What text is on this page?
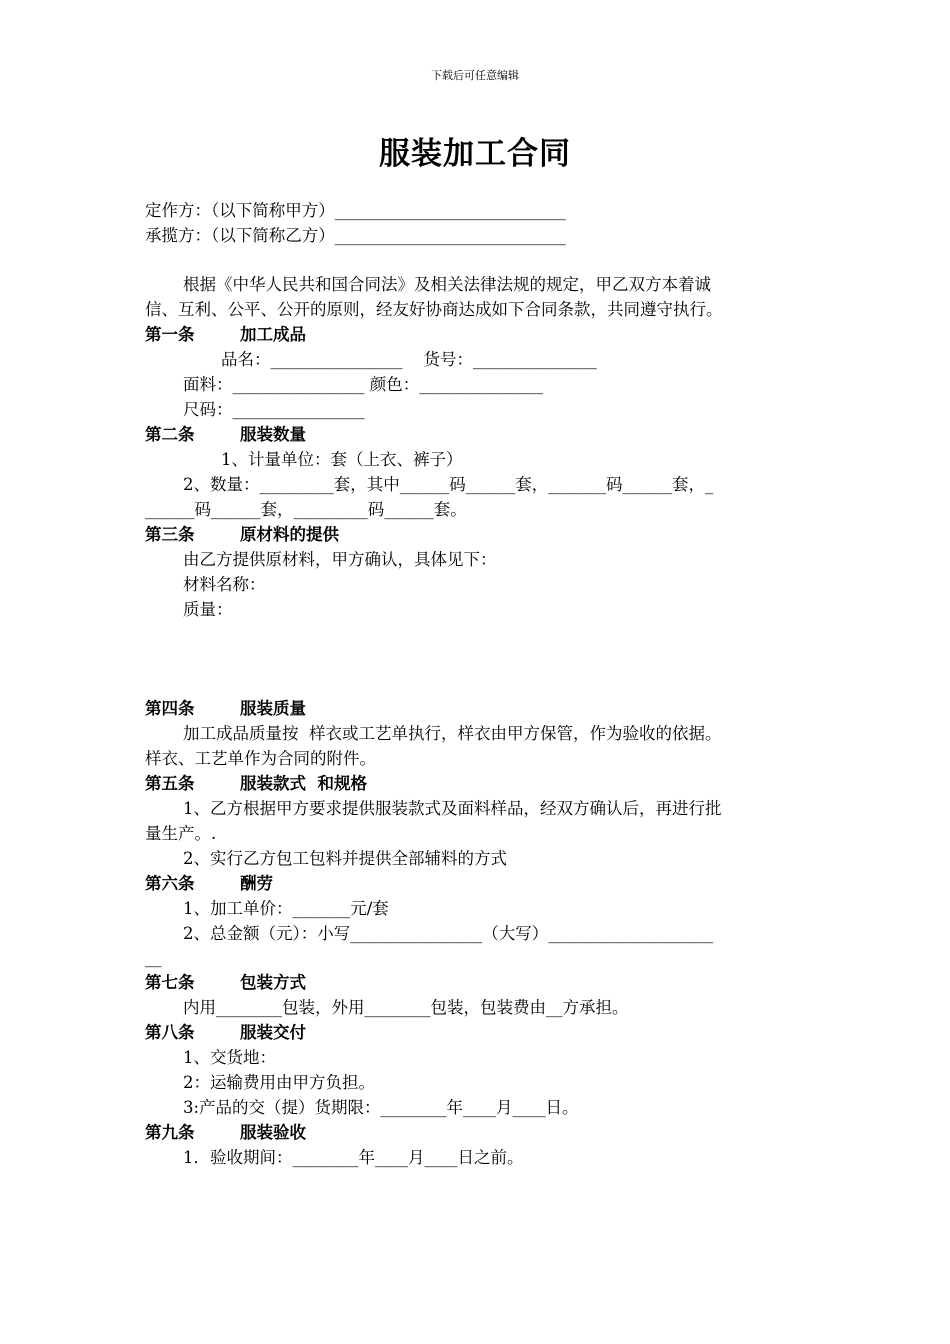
下载后可任意编辑
服装加工合同
定作方：（以下简称甲方）____________________________
承揽方：（以下简称乙方）____________________________
根据《中华人民共和国合同法》及相关法律法规的规定，甲乙双方本着诚
信、互利、公平、公开的原则，经友好协商达成如下合同条款，共同遵守执行。
第一条	加工成品
品名：________________    货号：_______________
面料：________________ 颜色：_______________
尺码：________________
第二条	服装数量
1、计量单位：套（上衣、裤子）
2、数量：_________套，其中______码______套，_______码______套，_
______码______套，_________码______套。
第三条	原材料的提供
由乙方提供原材料，甲方确认，具体见下：
材料名称：
质量：
第四条	服装质量
加工成品质量按  样衣或工艺单执行，样衣由甲方保管，作为验收的依据。
样衣、工艺单作为合同的附件。
第五条	服装款式  和规格
1、乙方根据甲方要求提供服装款式及面料样品，经双方确认后，再进行批
量生产。.
2、实行乙方包工包料并提供全部辅料的方式
第六条	酬劳
1、加工单价：_______元/套
2、总金额（元）：小写________________（大写）____________________
__
第七条	包装方式
内用________包装，外用________包装，包装费由__方承担。
第八条	服装交付
1、交货地：
2：运输费用由甲方负担。
3:产品的交（提）货期限：________年____月____日。
第九条	服装验收
1．验收期间：________年____月____日之前。
